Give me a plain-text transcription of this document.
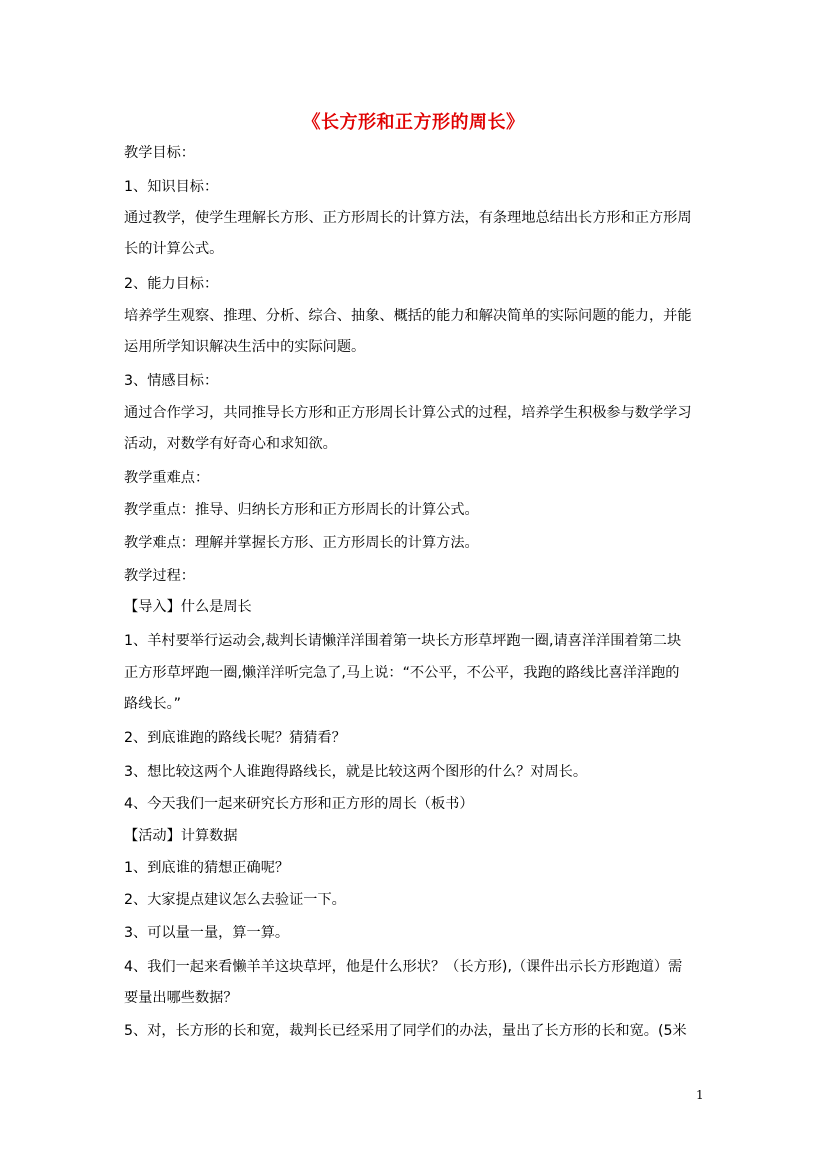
《长方形和正方形的周长》
教学目标：
1、知识目标：
通过教学，使学生理解长方形、正方形周长的计算方法，有条理地总结出长方形和正方形周
长的计算公式。
2、能力目标：
培养学生观察、推理、分析、综合、抽象、概括的能力和解决简单的实际问题的能力，并能
运用所学知识解决生活中的实际问题。
3、情感目标：
通过合作学习，共同推导长方形和正方形周长计算公式的过程，培养学生积极参与数学学习
活动，对数学有好奇心和求知欲。
教学重难点：
教学重点：推导、归纳长方形和正方形周长的计算公式。
教学难点：理解并掌握长方形、正方形周长的计算方法。
教学过程：
【导入】什么是周长
1、羊村要举行运动会,裁判长请懒洋洋围着第一块长方形草坪跑一圈,请喜洋洋围着第二块
正方形草坪跑一圈,懒洋洋听完急了,马上说：“不公平，不公平，我跑的路线比喜洋洋跑的
路线长。”
2、到底谁跑的路线长呢？猜猜看？
3、想比较这两个人谁跑得路线长，就是比较这两个图形的什么？对周长。
4、今天我们一起来研究长方形和正方形的周长（板书）
【活动】计算数据
1、到底谁的猜想正确呢？
2、大家提点建议怎么去验证一下。
3、可以量一量，算一算。
4、我们一起来看懒羊羊这块草坪，他是什么形状？（长方形),（课件出示长方形跑道）需
要量出哪些数据？
5、对，长方形的长和宽，裁判长已经采用了同学们的办法，量出了长方形的长和宽。(5米
1
